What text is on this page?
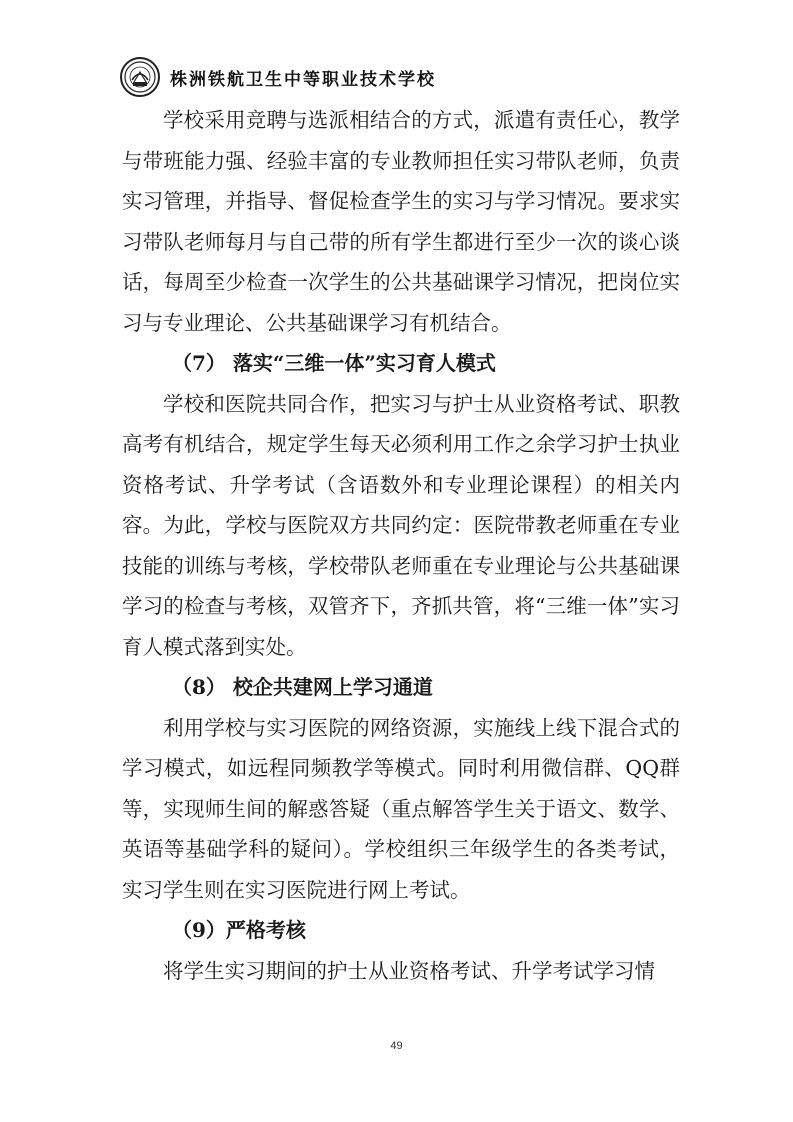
株洲铁航卫生中等职业技术学校

学校采用竞聘与选派相结合的方式，派遣有责任心，教学与带班能力强、经验丰富的专业教师担任实习带队老师，负责实习管理，并指导、督促检查学生的实习与学习情况。要求实习带队老师每月与自己带的所有学生都进行至少一次的谈心谈话，每周至少检查一次学生的公共基础课学习情况，把岗位实习与专业理论、公共基础课学习有机结合。

（7） 落实“三维一体”实习育人模式

学校和医院共同合作，把实习与护士从业资格考试、职教高考有机结合，规定学生每天必须利用工作之余学习护士执业资格考试、升学考试（含语数外和专业理论课程）的相关内容。为此，学校与医院双方共同约定：医院带教老师重在专业技能的训练与考核，学校带队老师重在专业理论与公共基础课学习的检查与考核，双管齐下，齐抓共管，将“三维一体”实习育人模式落到实处。

（8） 校企共建网上学习通道

利用学校与实习医院的网络资源，实施线上线下混合式的学习模式，如远程同频教学等模式。同时利用微信群、QQ群等，实现师生间的解惑答疑（重点解答学生关于语文、数学、英语等基础学科的疑问）。学校组织三年级学生的各类考试，实习学生则在实习医院进行网上考试。

（9）严格考核

将学生实习期间的护士从业资格考试、升学考试学习情

49
